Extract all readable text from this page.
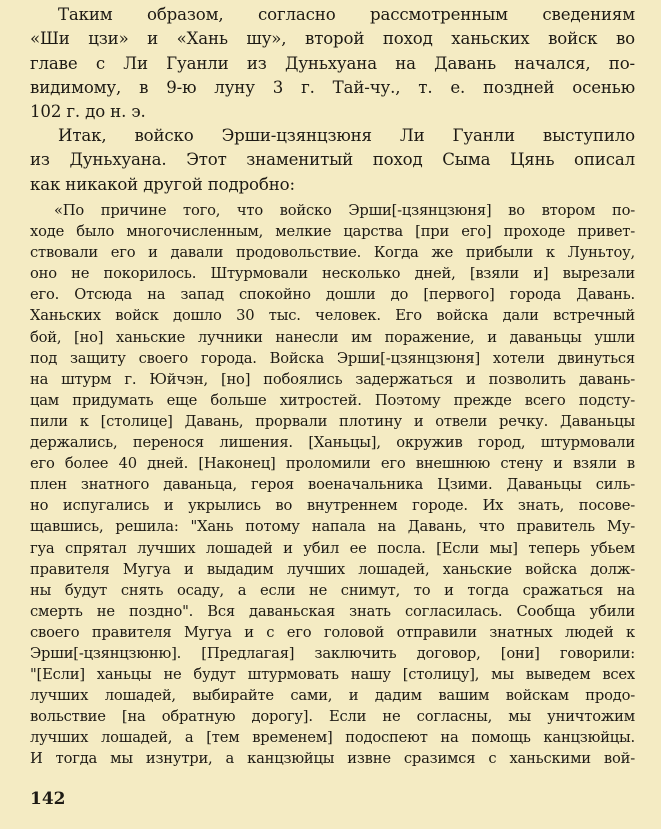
Таким образом, согласно рассмотренным сведениям
«Ши цзи» и «Хань шу», второй поход ханьских войск во
главе с Ли Гуанли из Дуньхуана на Давань начался, по-
видимому, в 9-ю луну 3 г. Тай-чу., т. е. поздней осенью
102 г. до н. э.

Итак, войско Эрши-цзянцзюня Ли Гуанли выступило
из Дуньхуана. Этот знаменитый поход Сыма Цянь описал
как никакой другой подробно:

«По причине того, что войско Эрши[-цзянцзюня] во втором по-
ходе было многочисленным, мелкие царства [при его] проходе привет-
ствовали его и давали продовольствие. Когда же прибыли к Луньтоу,
оно не покорилось. Штурмовали несколько дней, [взяли и] вырезали
его. Отсюда на запад спокойно дошли до [первого] города Давань.
Ханьских войск дошло 30 тыс. человек. Его войска дали встречный
бой, [но] ханьские лучники нанесли им поражение, и даваньцы ушли
под защиту своего города. Войска Эрши[-цзянцзюня] хотели двинуться
на штурм г. Юйчэн, [но] побоялись задержаться и позволить давань-
цам придумать еще больше хитростей. Поэтому прежде всего подсту-
пили к [столице] Давань, прорвали плотину и отвели речку. Даваньцы
держались, перенося лишения. [Ханьцы], окружив город, штурмовали
его более 40 дней. [Наконец] проломили его внешнюю стену и взяли в
плен знатного даваньца, героя военачальника Цзими. Даваньцы силь-
но испугались и укрылись во внутреннем городе. Их знать, посове-
щавшись, решила: "Хань потому напала на Давань, что правитель Му-
гуа спрятал лучших лошадей и убил ее посла. [Если мы] теперь убьем
правителя Мугуа и выдадим лучших лошадей, ханьские войска долж-
ны будут снять осаду, а если не снимут, то и тогда сражаться на
смерть не поздно". Вся даваньская знать согласилась. Сообща убили
своего правителя Мугуа и с его головой отправили знатных людей к
Эрши[-цзянцзюню]. [Предлагая] заключить договор, [они] говорили:
"[Если] ханьцы не будут штурмовать нашу [столицу], мы выведем всех
лучших лошадей, выбирайте сами, и дадим вашим войскам продо-
вольствие [на обратную дорогу]. Если не согласны, мы уничтожим
лучших лошадей, а [тем временем] подоспеют на помощь канцзюйцы.
И тогда мы изнутри, а канцзюйцы извне сразимся с ханьскими вой-

142
